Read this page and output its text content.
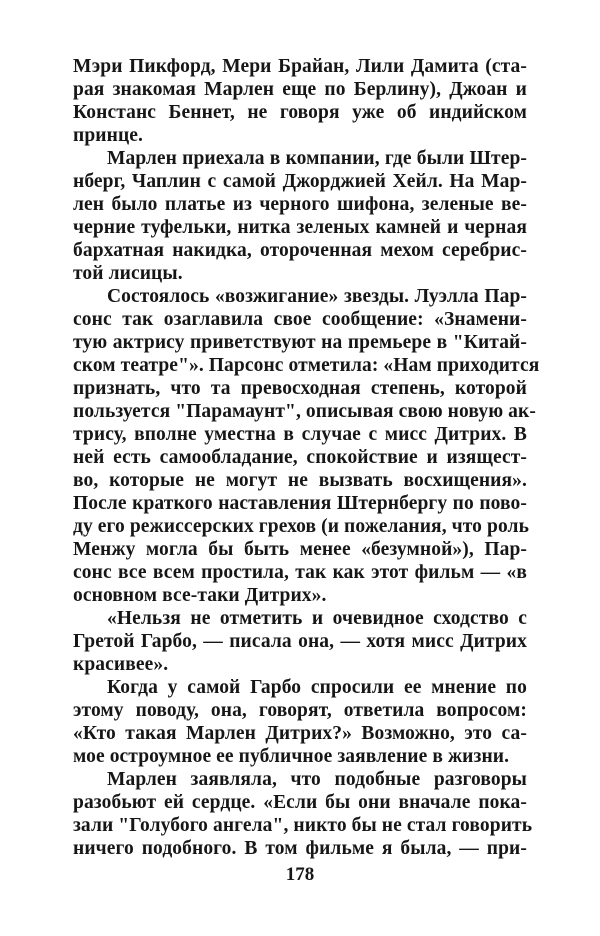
Мэри Пикфорд, Мери Брайан, Лили Дамита (ста-
рая знакомая Марлен еще по Берлину), Джоан и
Констанс Беннет, не говоря уже об индийском
принце.
Марлен приехала в компании, где были Штер-
нберг, Чаплин с самой Джорджией Хейл. На Мар-
лен было платье из черного шифона, зеленые ве-
черние туфельки, нитка зеленых камней и черная
бархатная накидка, отороченная мехом серебрис-
той лисицы.
Состоялось «возжигание» звезды. Луэлла Пар-
сонс так озаглавила свое сообщение: «Знамени-
тую актрису приветствуют на премьере в "Китай-
ском театре"». Парсонс отметила: «Нам приходится
признать, что та превосходная степень, которой
пользуется "Парамаунт", описывая свою новую ак-
трису, вполне уместна в случае с мисс Дитрих. В
ней есть самообладание, спокойствие и изящест-
во, которые не могут не вызвать восхищения».
После краткого наставления Штернбергу по пово-
ду его режиссерских грехов (и пожелания, что роль
Менжу могла бы быть менее «безумной»), Пар-
сонс все всем простила, так как этот фильм — «в
основном все-таки Дитрих».
«Нельзя не отметить и очевидное сходство с
Гретой Гарбо, — писала она, — хотя мисс Дитрих
красивее».
Когда у самой Гарбо спросили ее мнение по
этому поводу, она, говорят, ответила вопросом:
«Кто такая Марлен Дитрих?» Возможно, это са-
мое остроумное ее публичное заявление в жизни.
Марлен заявляла, что подобные разговоры
разобьют ей сердце. «Если бы они вначале пока-
зали "Голубого ангела", никто бы не стал говорить
ничего подобного. В том фильме я была, — при-
178
